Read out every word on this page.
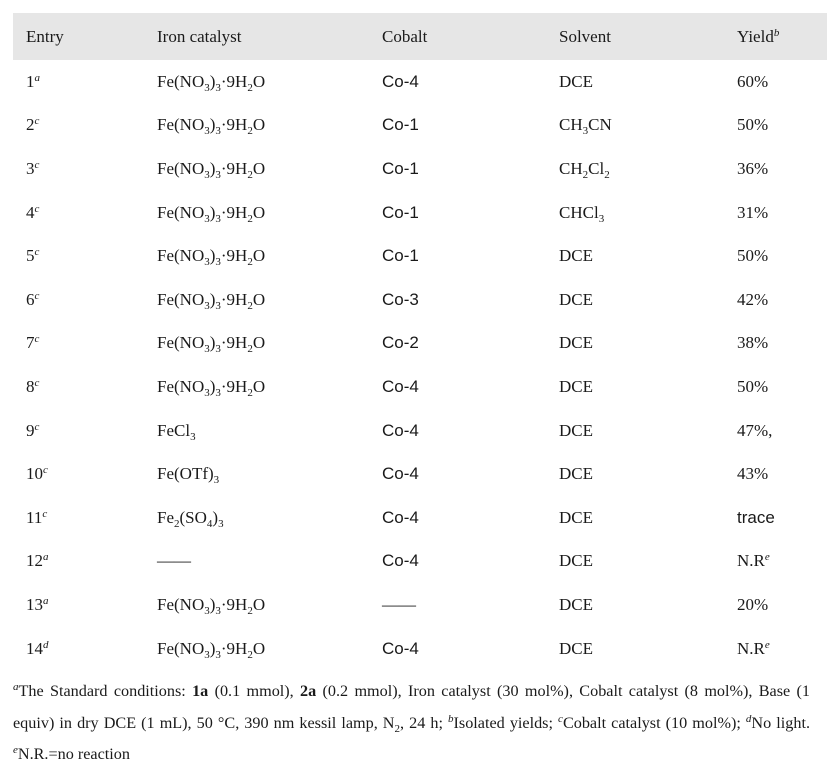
Entry	Iron catalyst	Cobalt	Solvent	Yield$^b$
1$^a$	$Fe(NO_3)_3\cdot 9H_2O$	Co-4	DCE	60%
2$^c$	$Fe(NO_3)_3\cdot 9H_2O$	Co-1	$CH_3CN$	50%
3$^c$	$Fe(NO_3)_3\cdot 9H_2O$	Co-1	$CH_2Cl_2$	36%
4$^c$	$Fe(NO_3)_3\cdot 9H_2O$	Co-1	CHCl$_3$	31%
5$^c$	$Fe(NO_3)_3\cdot 9H_2O$	Co-1	DCE	50%
6$^c$	$Fe(NO_3)_3\cdot 9H_2O$	Co-3	DCE	42%
7$^c$	$Fe(NO_3)_3\cdot 9H_2O$	Co-2	DCE	38%
8$^c$	$Fe(NO_3)_3\cdot 9H_2O$	Co-4	DCE	50%
9$^c$	FeCl$_3$	Co-4	DCE	47%,
10$^c$	$Fe(OTf)_3$	Co-4	DCE	43%
11$^c$	$Fe_2(SO_4)_3$	Co-4	DCE	trace
12$^a$	——	Co-4	DCE	$N.R^e$
13$^a$	$Fe(NO_3)_3\cdot 9H_2O$	——	DCE	20%
14$^d$	$Fe(NO_3)_3\cdot 9H_2O$	Co-4	DCE	$N.R^e$
$^a$The Standard conditions: 1a (0.1 mmol), 2a (0.2 mmol), Iron catalyst (30 mol%), Cobalt catalyst (8 mol%), Base (1 equiv) in dry DCE (1 mL), 50 °C, 390 nm kessil lamp, $N_2$, 24 h; $^b$Isolated yields; $^c$Cobalt catalyst (10 mol%); $^d$No light. $^e$N.R.=no reaction
